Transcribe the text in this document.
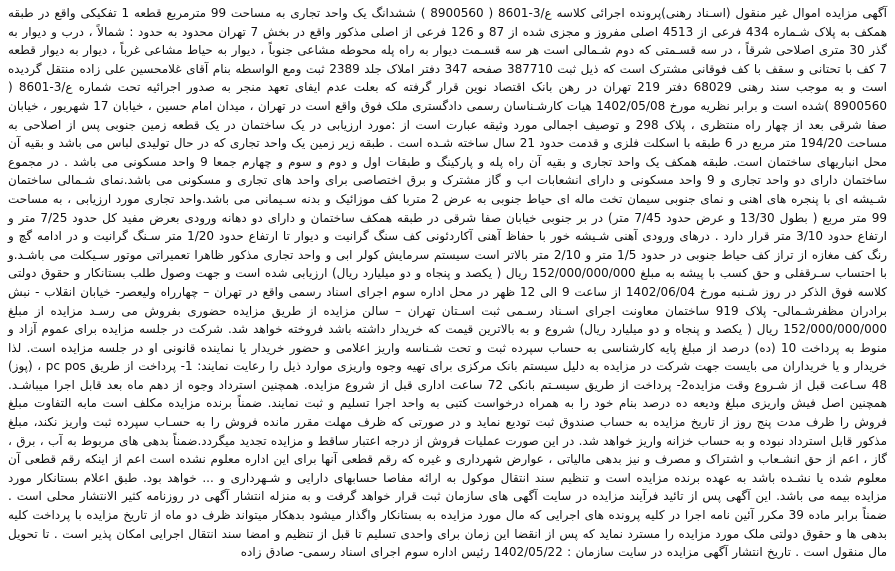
آگهی مزایده اموال غیر منقول (اسـناد رهنی)پرونده اجرائی کلاسه ع/3-8601 ( 8900560 ) ششدانگ یک واحد تجاری به مساحت 99 مترمربع قطعه 1 تفکیکی واقع در طبقه همکف به پلاک شـماره 434 فرعی از 4513 اصلی مفروز و مجزی شده از 87 و 126 فرعی از اصلی مذکور واقع در بخش 7 تهران محدود به حدود : شمالاً ، درب و دیوار به گذر 30 متری اصلاحی شرقاً ، در سه قسـمتی که دوم شـمالی است هر سه قسـمت دیوار به راه پله محوطه مشاعی جنوباً ، دیوار به حیاط مشاعی غرباً ، دیوار به دیوار قطعه 7 کف با تحتانی و سقف با کف فوقانی مشترک است که ذیل ثبت 387710 صفحه 347 دفتر املاک جلد 2389 ثبت ومع الواسطه بنام آقای غلامحسین علی زاده منتقل گردیده است و به موجب سند رهنی 68029 دفتر 219 تهران در رهن بانک اقتصاد نوین قرار گرفته که بعلت عدم ایفای تعهد منجر به صدور اجرائیه تحت شماره ع/3-8601 ( 8900560 )شده است و برابر نظریه مورخ 1402/05/08 هیات کارشـناسان رسمی دادگستری ملک فوق واقع است در تهران ، میدان امام حسین ، خیابان 17 شهریور ، خیابان صفا شرقی بعد از چهار راه منتظری ، پلاک 298 و توصیف اجمالی مورد وثیقه عبارت است از :مورد ارزیابی در یک ساختمان در یک قطعه زمین جنوبی پس از اصلاحی به مساحت 194/20 متر مربع در 6 طبقه با اسکلت فلزی و قدمت حدود 21 سال ساخته شـده است . طبقه زیر زمین یک واحد تجاری که در حال تولیدی لباس می باشد و بقیه آن محل انباریهای ساختمان است. طبقه همکف یک واحد تجاری و بقیه آن راه پله و پارکینگ و طبقات اول و دوم و سوم و چهارم جمعا 9 واحد مسکونی می باشد . در مجموع ساختمان دارای دو واحد تجاری و 9 واحد مسکونی و دارای انشعابات اب و گاز مشترک و برق اختصاصی برای واحد های تجاری و مسکونی می باشد.نمای شـمالی ساختمان شـیشه ای با پنجره های اهنی و نمای جنوبی سیمان تخت ماله ای حیاط جنوبی به عرض 2 متربا کف موزائیک و بدنه سـیمانی می باشد.واحد تجاری مورد ارزیابی ، به مساحت 99 متر مربع ( بطول 13/30 و عرض حدود 7/45 متر) در بر جنوبی خیابان صفا شرقی در طبقه همکف ساختمان و دارای دو دهانه ورودی بعرض مفید کل حدود 7/25 متر و ارتفاع حدود 3/10 متر قرار دارد . درهای ورودی آهنی شـیشه خور با حفاظ آهنی آکاردئونی کف سنگ گرانیت و دیوار تا ارتفاع حدود 1/20 متر سـنگ گرانیت و در ادامه گچ و رنگ کف مغازه از تراز کف حیاط جنوبی در حدود 1/5 متر و 2/10 متر بالاتر است سیستم سرمایش کولر ابی و واحد تجاری مذکور ظاهرا تعمیراتی موتور سـیکلت می باشـد.و با احتساب سـرقفلی و حق کسب با پیشه به مبلغ 152/000/000/000 ریال ( یکصد و پنجاه و دو میلیارد ریال) ارزیابی شده است و جهت وصول طلب بستانکار و حقوق دولتی کلاسه فوق الذکر در روز شـنبه مورخ 1402/06/04 از ساعت 9 الی 12 ظهر در محل اداره سوم اجرای اسناد رسمی واقع در تهران – چهارراه ولیعصر- خیابان انقلاب - نبش برادران مظفرشـمالی- پلاک 919 ساختمان معاونت اجرای اسـناد رسـمی ثبت اسـتان تهران – سالن مزایده از طریق مزایده حضوری بفروش می رسـد مزایده از مبلغ 152/000/000/000 ریال ( یکصد و پنجاه و دو میلیارد ریال) شروع و به بالاترین قیمت که خریدار داشته باشد فروخته خواهد شد. شرکت در جلسه مزایده برای عموم آزاد و منوط به پرداخت 10 (ده) درصد از مبلغ پایه کارشناسی به حساب سپرده ثبت و تحت شـناسه واریز اعلامی و حضور خریدار یا نماینده قانونی او در جلسه مزایده است. لذا خریدار و یا خریداران می بایست جهت شرکت در مزایده به دلیل سیستم بانک مرکزی برای تهیه وجوه واریزی موارد ذیل را رعایت نمایند: 1- پرداخت از طریق pc pos ، (پوز) 48 سـاعت قبل از شـروع وقت مزایده2- پرداخت از طریق سیسـتم بانکی 72 ساعت اداری قبل از شروع مزایده. همچنین استرداد وجوه از دهم ماه بعد قابل اجرا میباشـد. همچنین اصل فیش واریزی مبلغ ودیعه ده درصد بنام خود را به همراه درخواست کتبی به واحد اجرا تسلیم و ثبت نمایند. ضمناً برنده مزایده مکلف است مابه التفاوت مبلغ فروش را ظرف مدت پنج روز از تاریخ مزایده به حساب صندوق ثبت تودیع نماید و در صورتی که ظرف مهلت مقرر مانده فروش را به حسـاب سپرده ثبت واریز نکند، مبلغ مذکور قابل استرداد نبوده و به حساب خزانه واریز خواهد شد. در این صورت عملیات فروش از درجه اعتبار ساقط و مزایده تجدید میگردد.ضمناً بدهی های مربوط به آب ، برق ، گاز ، اعم از حق انشـعاب و اشتراک و مصرف و نیز بدهی مالیاتی ، عوارض شهرداری و غیره که رقم قطعی آنها برای این اداره معلوم نشده است اعم از اینکه رقم قطعی آن معلوم شده یا نشـده باشد به عهده برنده مزایده است و تنظیم سند انتقال موکول به ارائه مفاصا حسابهای دارایی و شـهرداری و ... خواهد بود. طبق اعلام بستانکار مورد مزایده بیمه می باشد. این آگهی پس از تائید فرآیند مزایده در سایت آگهی های سازمان ثبت قرار خواهد گرفت و به منزله انتشار آگهی در روزنامه کثیر الانتشار محلی است . ضمناً برابر ماده 39 مکرر آئین نامه اجرا در کلیه پرونده های اجرایی که مال مورد مزایده به بستانکار واگذار میشود بدهکار میتواند ظرف دو ماه از تاریخ مزایده با پرداخت کلیه بدهی ها و حقوق دولتی ملک مورد مزایده را مسترد نماید که پس از انقضا این زمان برای واحدی تسلیم تا قبل از تنظیم و امضا سند انتقال اجرایی امکان پذیر است . تا تحویل مال منقول است . تاریخ انتشار آگهی مزایده در سایت سازمان : 1402/05/22 رئیس اداره سوم اجرای اسناد رسمی- صادق زاده
